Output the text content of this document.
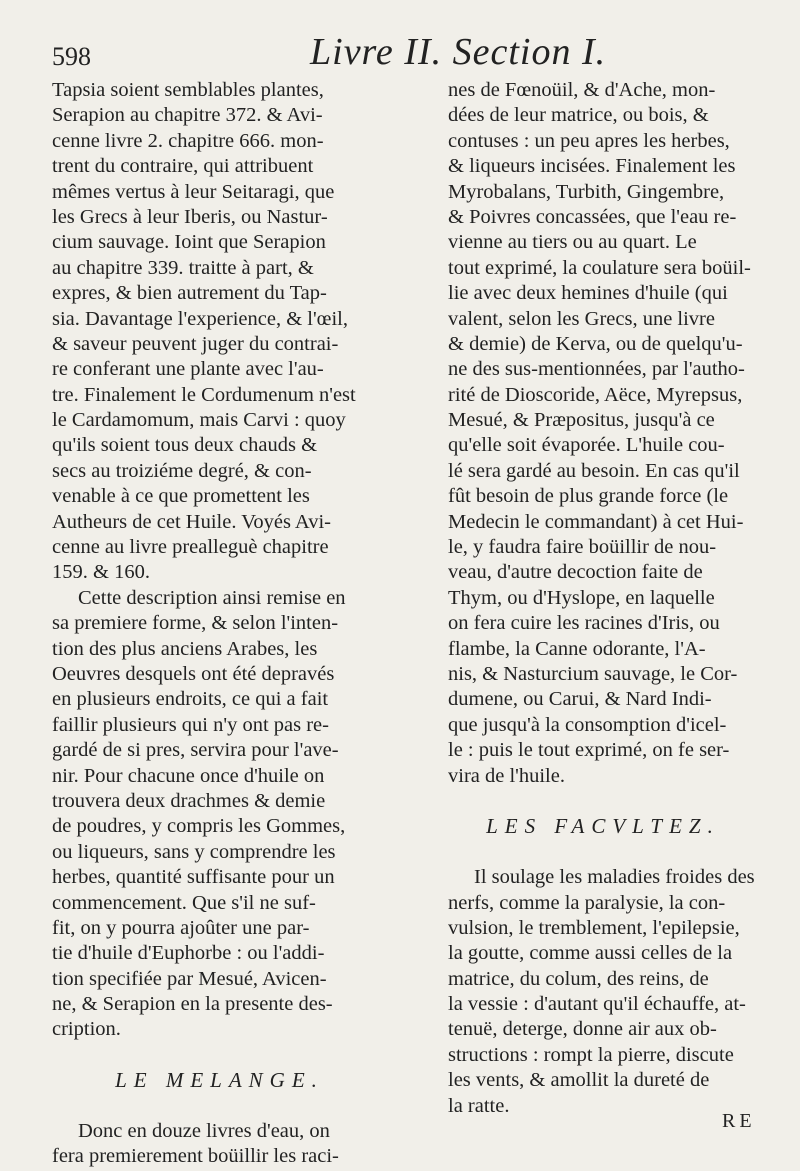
598	Livre II. Section I.
Tapsia soient semblables plantes,
Serapion au chapitre 372. & Avi-
cenne livre 2. chapitre 666. mon-
trent du contraire, qui attribuent
mêmes vertus à leur Seitaragi, que
les Grecs à leur Iberis, ou Nastur-
cium sauvage. Ioint que Serapion
au chapitre 339. traitte à part, &
expres, & bien autrement du Tap-
sia. Davantage l'experience, & l'œil,
& saveur peuvent juger du contrai-
re conferant une plante avec l'au-
tre. Finalement le Cordumenum n'est
le Cardamomum, mais Carvi : quoy
qu'ils soient tous deux chauds &
secs au troiziéme degré, & con-
venable à ce que promettent les
Autheurs de cet Huile. Voyés Avi-
cenne au livre prealleguè chapitre
159. & 160.
Cette description ainsi remise en
sa premiere forme, & selon l'inten-
tion des plus anciens Arabes, les
Oeuvres desquels ont été depravés
en plusieurs endroits, ce qui a fait
faillir plusieurs qui n'y ont pas re-
gardé de si pres, servira pour l'ave-
nir. Pour chacune once d'huile on
trouvera deux drachmes & demie
de poudres, y compris les Gommes,
ou liqueurs, sans y comprendre les
herbes, quantité suffisante pour un
commencement. Que s'il ne suf-
fit, on y pourra ajoûter une par-
tie d'huile d'Euphorbe : ou l'addi-
tion specifiée par Mesué, Avicen-
ne, & Serapion en la presente des-
cription.
LE MELANGE.
Donc en douze livres d'eau, on
fera premierement boüillir les raci-
nes de Fœnoüil, & d'Ache, mon-
dées de leur matrice, ou bois, &
contuses : un peu apres les herbes,
& liqueurs incisées. Finalement les
Myrobalans, Turbith, Gingembre,
& Poivres concassées, que l'eau re-
vienne au tiers ou au quart. Le
tout exprimé, la coulature sera boüil-
lie avec deux hemines d'huile (qui
valent, selon les Grecs, une livre
& demie) de Kerva, ou de quelqu'u-
ne des sus-mentionnées, par l'autho-
rité de Dioscoride, Aëce, Myrepsus,
Mesué, & Præpositus, jusqu'à ce
qu'elle soit évaporée. L'huile cou-
lé sera gardé au besoin. En cas qu'il
fût besoin de plus grande force (le
Medecin le commandant) à cet Hui-
le, y faudra faire boüillir de nou-
veau, d'autre decoction faite de
Thym, ou d'Hyslope, en laquelle
on fera cuire les racines d'Iris, ou
flambe, la Canne odorante, l'A-
nis, & Nasturcium sauvage, le Cor-
dumene, ou Carui, & Nard Indi-
que jusqu'à la consomption d'icel-
le : puis le tout exprimé, on fe ser-
vira de l'huile.
LES FACVLTEZ.
Il soulage les maladies froides des
nerfs, comme la paralysie, la con-
vulsion, le tremblement, l'epilepsie,
la goutte, comme aussi celles de la
matrice, du colum, des reins, de
la vessie : d'autant qu'il échauffe, at-
tenuë, deterge, donne air aux ob-
structions : rompt la pierre, discute
les vents, & amollit la dureté de
la ratte.
RE
